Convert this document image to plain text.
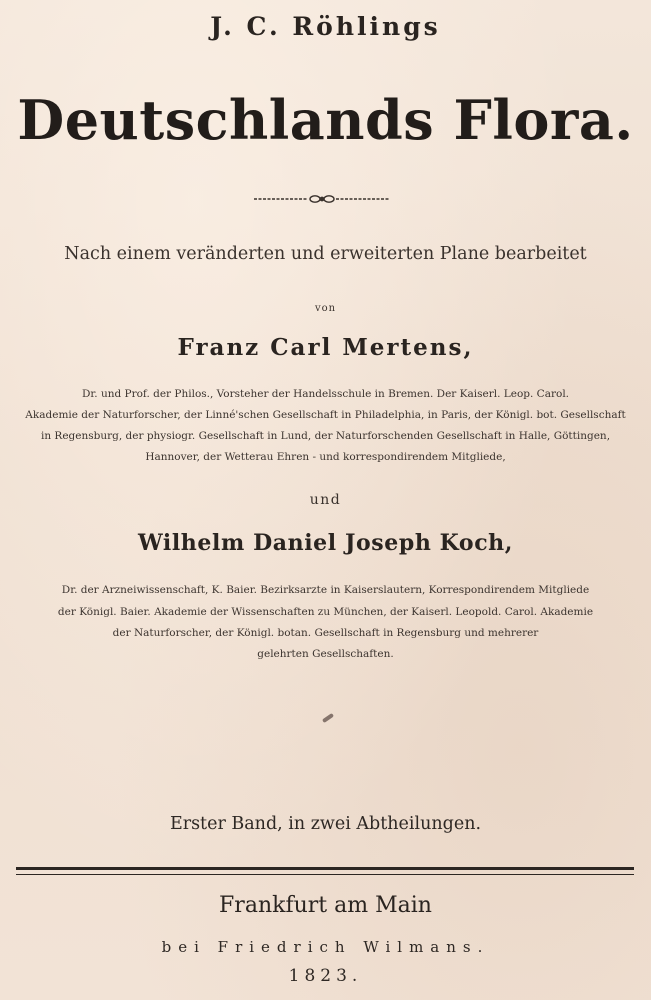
J. C. Röhlings

Deutschlands Flora.

Nach einem veränderten und erweiterten Plane bearbeitet

von

Franz Carl Mertens,

Dr. und Prof. der Philos., Vorsteher der Handelsschule in Bremen. Der Kaiserl. Leop. Carol.

Akademie der Naturforscher, der Linné'schen Gesellschaft in Philadelphia, in Paris, der Königl. bot. Gesellschaft

in Regensburg, der physiogr. Gesellschaft in Lund, der Naturforschenden Gesellschaft in Halle, Göttingen,

Hannover, der Wetterau Ehren - und korrespondirendem Mitgliede,

und

Wilhelm Daniel Joseph Koch,

Dr. der Arzneiwissenschaft, K. Baier. Bezirksarzte in Kaiserslautern, Korrespondirendem Mitgliede

der Königl. Baier. Akademie der Wissenschaften zu München, der Kaiserl. Leopold. Carol. Akademie

der Naturforscher, der Königl. botan. Gesellschaft in Regensburg und mehrerer

gelehrten Gesellschaften.

Erster Band, in zwei Abtheilungen.

Frankfurt am Main

bei Friedrich Wilmans.

1823.
